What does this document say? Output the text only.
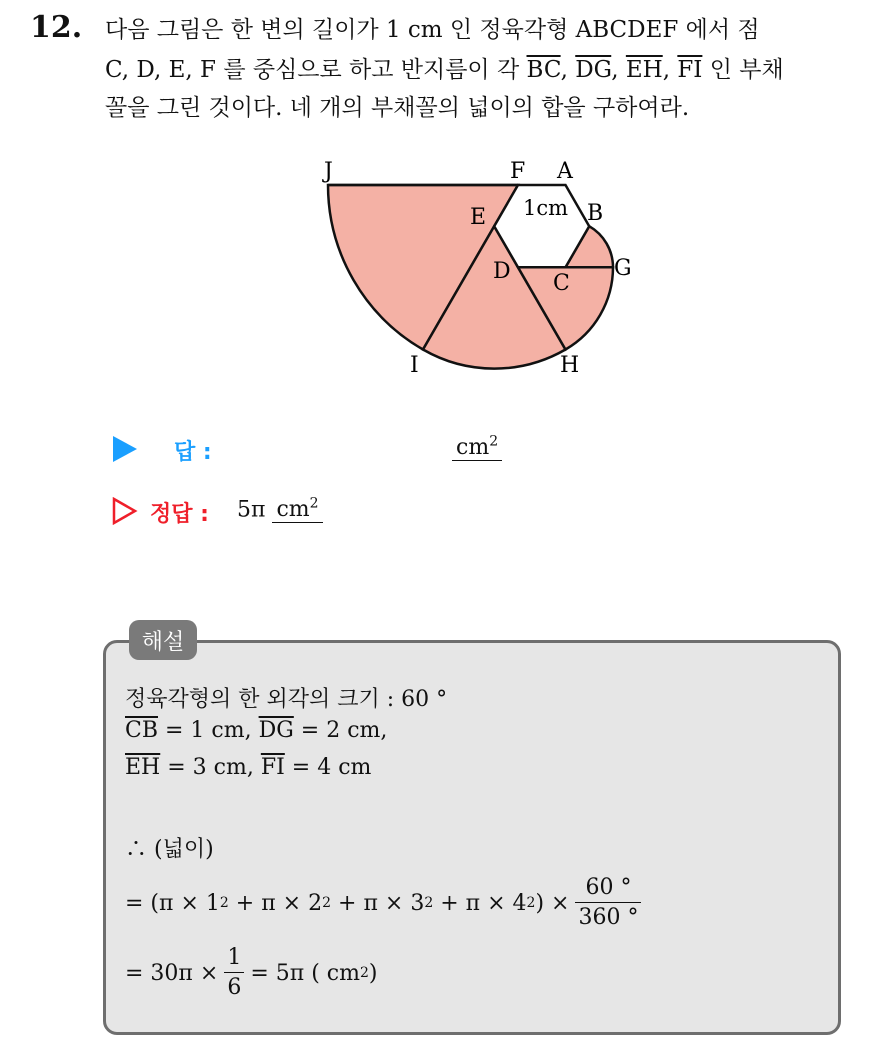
12. 다음 그림은 한 변의 길이가 1 cm 인 정육각형 ABCDEF 에서 점
C, D, E, F 를 중심으로 하고 반지름이 각 $\overline{BC}$, $\overline{DG}$, $\overline{EH}$, $\overline{FI}$ 인 부채
꼴을 그린 것이다. 네 개의 부채꼴의 넓이의 합을 구하여라.
J	F A
B
1cm
E
D C
G
I	H
답 :	$cm^2$
정답 : 5π $cm^2$
해설
정육각형의 한 외각의 크기 : 60 °
$\overline{CB} = 1$ cm, $\overline{DG} = 2$ cm,
$\overline{EH} = 3$ cm, $\overline{FI} = 4$ cm
∴ (넓이)
= (π × 1 2 + π × 2 2 + π × 3 2 + π × 4 2 ) × $\frac{60 ^\circ}{360 ^\circ}$
= $30\pi \times \frac{1}{6} = 5\pi$ ( cm 2 )
